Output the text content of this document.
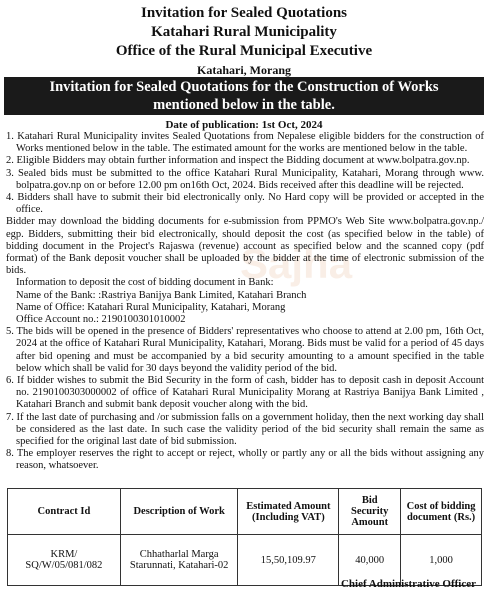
Invitation for Sealed Quotations
Katahari Rural Municipality
Office of the Rural Municipal Executive
Katahari, Morang
Invitation for Sealed Quotations for the Construction of Works
mentioned below in the table.
Date of publication: 1st Oct, 2024
Sajha

1. Katahari Rural Municipality invites Sealed Quotations from Nepalese eligible bidders for the construction of Works mentioned below in the table. The estimated amount for the works are mentioned below in the table.

2. Eligible Bidders may obtain further information and inspect the Bidding document at www.bolpatra.gov.np.

3. Sealed bids must be submitted to the office Katahari Rural Municipality, Katahari, Morang through www. bolpatra.gov.np on or before 12.00 pm on16th Oct, 2024. Bids received after this deadline will be rejected.

4. Bidders shall have to submit their bid electronically only. No Hard copy will be provided or accepted in the office.

Bidder may download the bidding documents for e-submission from PPMO's Web Site www.bolpatra.gov.np./ egp. Bidders, submitting their bid electronically, should deposit the cost (as specified below in the table) of bidding document in the Project's Rajaswa (revenue) account as specified below and the scanned copy (pdf format) of the Bank deposit voucher shall be uploaded by the bidder at the time of electronic submission of the bids.

Information to deposit the cost of bidding document in Bank:

Name of the Bank: :Rastriya Banijya Bank Limited, Katahari Branch

Name of Office: Katahari Rural Municipality, Katahari, Morang

Office Account no.: 2190100301010002

5. The bids will be opened in the presence of Bidders' representatives who choose to attend at 2.00 pm, 16th Oct, 2024 at the office of Katahari Rural Municipality, Katahari, Morang. Bids must be valid for a period of 45 days after bid opening and must be accompanied by a bid security amounting to a amount specified in the table below which shall be valid for 30 days beyond the validity period of the bid.

6. If bidder wishes to submit the Bid Security in the form of cash, bidder has to deposit cash in deposit Account no. 2190100303000002 of office of Katahari Rural Municipality Morang at Rastriya Banijya Bank Limited , Katahari Branch and submit bank deposit voucher along with the bid.

7. If the last date of purchasing and /or submission falls on a government holiday, then the next working day shall be considered as the last date. In such case the validity period of the bid security shall remain the same as specified for the original last date of bid submission.

8. The employer reserves the right to accept or reject, wholly or partly any or all the bids without assigning any reason, whatsoever.

Contract Id	Description of Work	Estimated Amount (Including VAT)	Bid Security Amount	Cost of bidding document (Rs.)
KRM/ SQ/W/05/081/082	Chhatharlal Marga Starunnati, Katahari-02	15,50,109.97	40,000	1,000
Chief Administrative Officer
